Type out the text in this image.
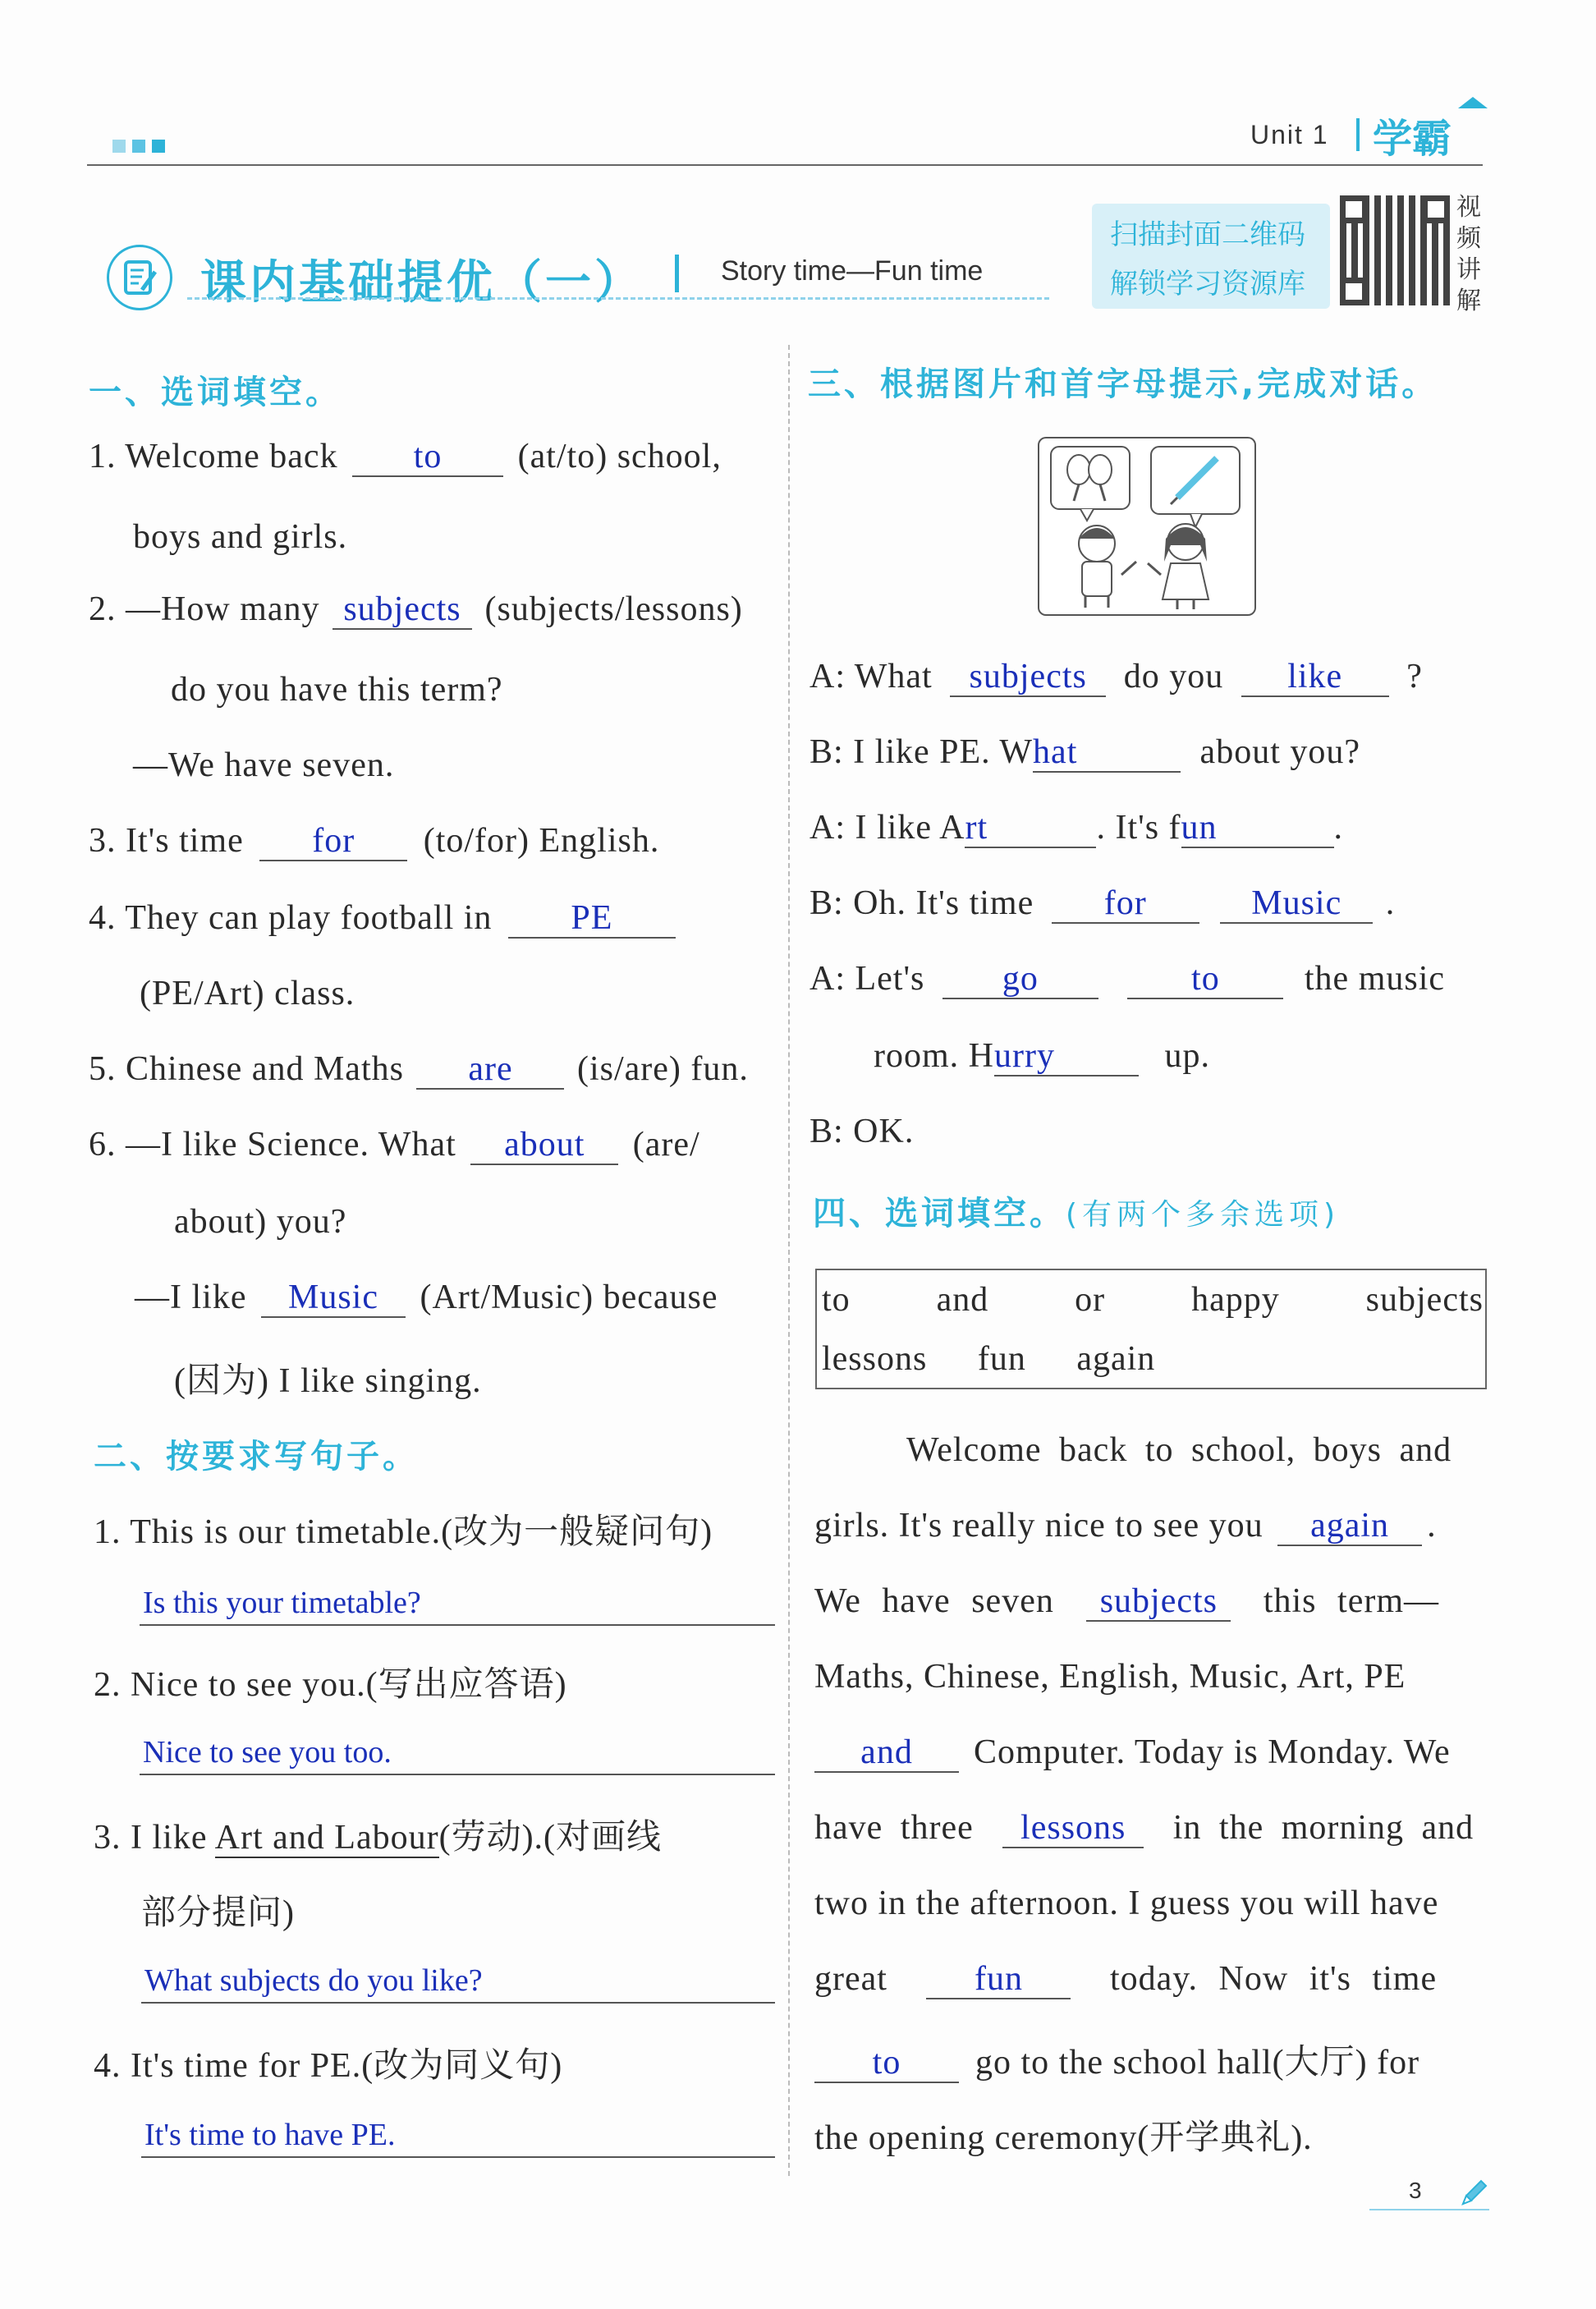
Unit 1 学霸
课内基础提优（一）	Story time—Fun time
扫描封面二维码
解锁学习资源库
视
频
讲
解
一、选词填空。
1. Welcome back to (at/to) school,
boys and girls.
2. —How many subjects (subjects/lessons)
do you have this term?
—We have seven.
3. It's time for (to/for) English.
4. They can play football in PE
(PE/Art) class.
5. Chinese and Maths are (is/are) fun.
6. —I like Science. What about (are/
about) you?
—I like Music (Art/Music) because
(因为) I like singing.
二、按要求写句子。
1. This is our timetable.(改为一般疑问句)
Is this your timetable?
2. Nice to see you.(写出应答语)
Nice to see you too.
3. I like Art and Labour(劳动).(对画线
部分提问)
What subjects do you like?
4. It's time for PE.(改为同义句)
It's time to have PE.
三、根据图片和首字母提示,完成对话。
A: What subjects do you like ?
B: I like PE. What	about you?
A: I like Art	. It's fun	.
B: Oh. It's time for	Music .
A: Let's go	to the music
room. Hurry	up.
B: OK.
四、选词填空。(有两个多余选项)
to and or happy subjects
lessons fun again
Welcome back to school, boys and
girls. It's really nice to see you again .
We have seven subjects this term—
Maths, Chinese, English, Music, Art, PE
and Computer. Today is Monday. We
have three lessons in the morning and
two in the afternoon. I guess you will have
great	fun	today. Now it's time
to go to the school hall(大厅) for
the opening ceremony(开学典礼).
3
